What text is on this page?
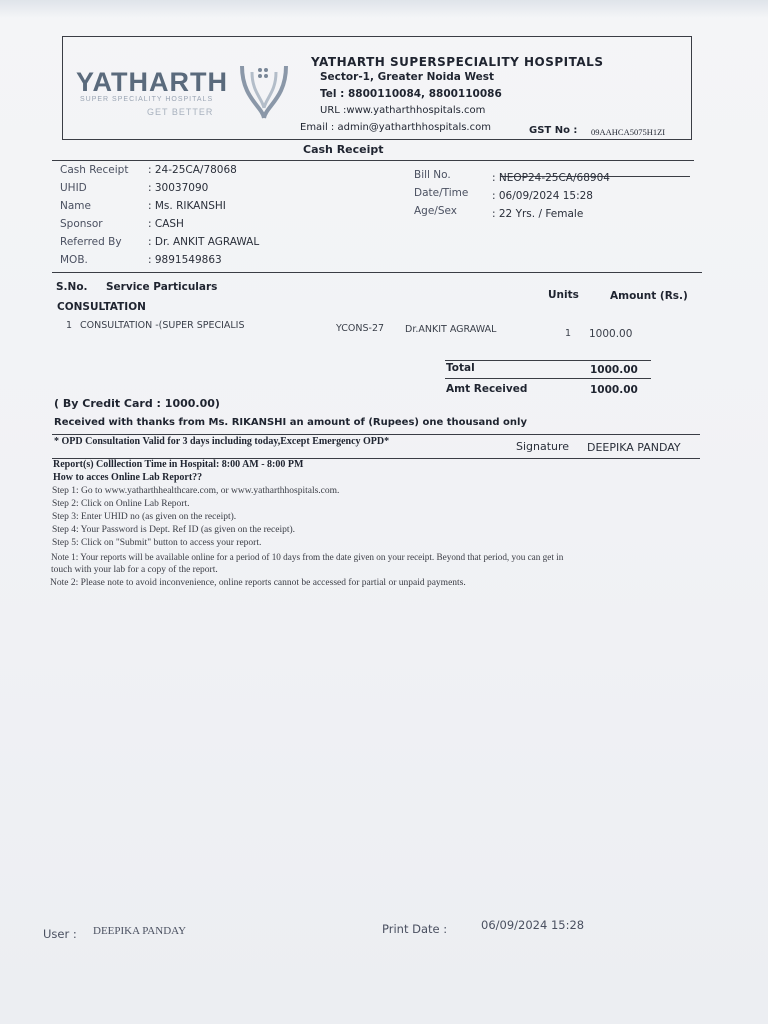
YATHARTH
SUPER SPECIALITY HOSPITALS
GET BETTER
YATHARTH SUPERSPECIALITY HOSPITALS
Sector-1, Greater Noida West
Tel : 8800110084, 8800110086
URL :www.yatharthhospitals.com
Email : admin@yatharthhospitals.com	GST No : 09AAHCA5075H1ZI
Cash Receipt
Cash Receipt : 24-25CA/78068
UHID	: 30037090
Name	: Ms. RIKANSHI
Sponsor	: CASH
Referred By	: Dr. ANKIT AGRAWAL
MOB.	: 9891549863
Bill No.	: NEOP24-25CA/68904
Date/Time : 06/09/2024 15:28
Age/Sex	: 22 Yrs. / Female
S.No. Service Particulars
Units	Amount (Rs.)
CONSULTATION
1 CONSULTATION -(SUPER SPECIALIS	YCONS-27 Dr.ANKIT AGRAWAL	1 1000.00
Total	1000.00
Amt Received	1000.00
( By Credit Card : 1000.00)
Received with thanks from Ms. RIKANSHI an amount of (Rupees) one thousand only
* OPD Consultation Valid for 3 days including today,Except Emergency OPD*	Signature DEEPIKA PANDAY
Report(s) Colllection Time in Hospital: 8:00 AM - 8:00 PM
How to acces Online Lab Report??
Step 1: Go to www.yatharthhealthcare.com, or www.yatharthhospitals.com.
Step 2: Click on Online Lab Report.
Step 3: Enter UHID no (as given on the receipt).
Step 4: Your Password is Dept. Ref ID (as given on the receipt).
Step 5: Click on "Submit" button to access your report.
Note 1: Your reports will be available online for a period of 10 days from the date given on your receipt. Beyond that period, you can get in
touch with your lab for a copy of the report.
Note 2: Please note to avoid inconvenience, online reports cannot be accessed for partial or unpaid payments.
User : DEEPIKA PANDAY	Print Date :	06/09/2024 15:28
